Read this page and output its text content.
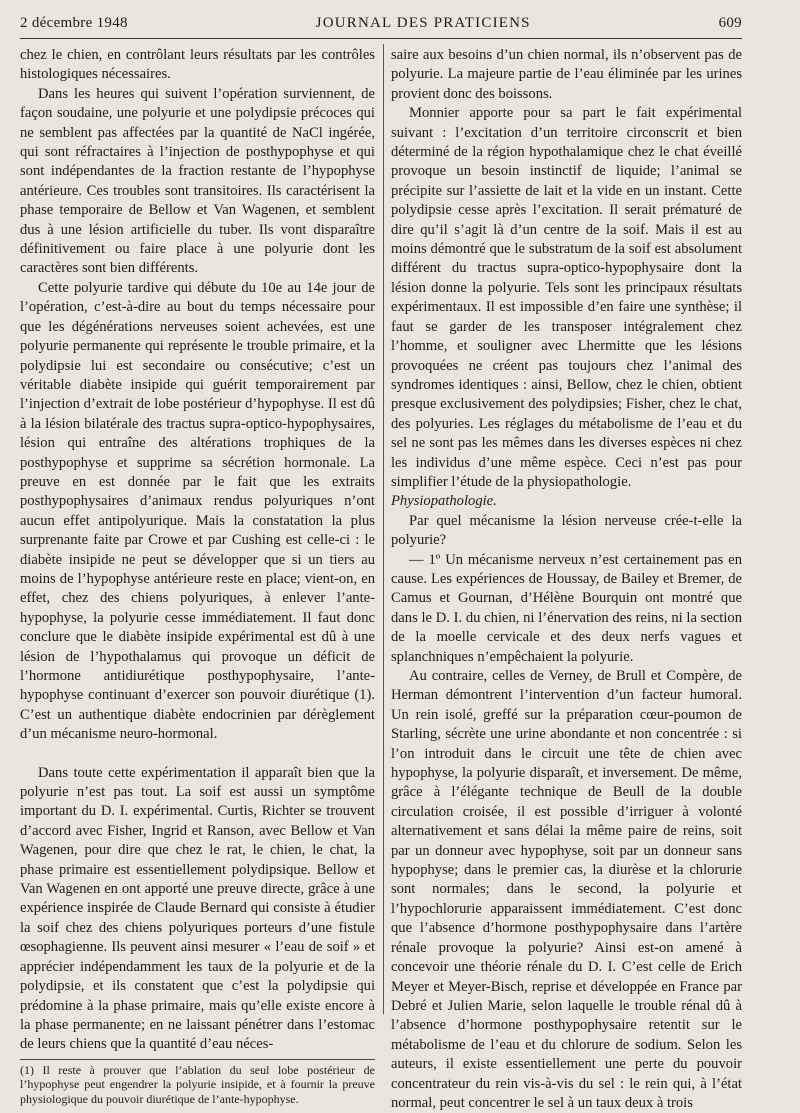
2 décembre 1948	JOURNAL DES PRATICIENS	609

chez le chien, en contrôlant leurs résultats par les contrôles histologiques nécessaires.

Dans les heures qui suivent l’opération surviennent, de façon soudaine, une polyurie et une polydipsie précoces qui ne semblent pas affectées par la quantité de NaCl ingérée, qui sont réfractaires à l’injection de posthypophyse et qui sont indépendantes de la fraction restante de l’hypophyse antérieure. Ces troubles sont transitoires. Ils caractérisent la phase temporaire de Bellow et Van Wagenen, et semblent dus à une lésion artificielle du tuber. Ils vont disparaître définitivement ou faire place à une polyurie dont les caractères sont bien différents.

Cette polyurie tardive qui débute du 10e au 14e jour de l’opération, c’est-à-dire au bout du temps nécessaire pour que les dégénérations nerveuses soient achevées, est une polyurie permanente qui représente le trouble primaire, et la polydipsie lui est secondaire ou consécutive; c’est un véritable diabète insipide qui guérit temporairement par l’injection d’extrait de lobe postérieur d’hypophyse. Il est dû à la lésion bilatérale des tractus supra-optico-hypophysaires, lésion qui entraîne des altérations trophiques de la posthypophyse et supprime sa sécrétion hormonale. La preuve en est donnée par le fait que les extraits posthypophysaires d’animaux rendus polyuriques n’ont aucun effet antipolyurique. Mais la constatation la plus surprenante faite par Crowe et par Cushing est celle-ci : le diabète insipide ne peut se développer que si un tiers au moins de l’hypophyse antérieure reste en place; vient-on, en effet, chez des chiens polyuriques, à enlever l’ante-hypophyse, la polyurie cesse immédiatement. Il faut donc conclure que le diabète insipide expérimental est dû à une lésion de l’hypothalamus qui provoque un déficit de l’hormone antidiurétique posthypophysaire, l’ante-hypophyse continuant d’exercer son pouvoir diurétique (1). C’est un authentique diabète endocrinien par dérèglement d’un mécanisme neuro-hormonal.

Dans toute cette expérimentation il apparaît bien que la polyurie n’est pas tout. La soif est aussi un symptôme important du D. I. expérimental. Curtis, Richter se trouvent d’accord avec Fisher, Ingrid et Ranson, avec Bellow et Van Wagenen, pour dire que chez le rat, le chien, le chat, la phase primaire est essentiellement polydipsique. Bellow et Van Wagenen en ont apporté une preuve directe, grâce à une expérience inspirée de Claude Bernard qui consiste à étudier la soif chez des chiens polyuriques porteurs d’une fistule œsophagienne. Ils peuvent ainsi mesurer « l’eau de soif » et apprécier indépendamment les taux de la polyurie et de la polydipsie, et ils constatent que c’est la polydipsie qui prédomine à la phase primaire, mais qu’elle existe encore à la phase permanente; en ne laissant pénétrer dans l’estomac de leurs chiens que la quantité d’eau néces-

(1) Il reste à prouver que l’ablation du seul lobe postérieur de l’hypophyse peut engendrer la polyurie insipide, et à fournir la preuve physiologique du pouvoir diurétique de l’ante-hypophyse.

saire aux besoins d’un chien normal, ils n’observent pas de polyurie. La majeure partie de l’eau éliminée par les urines provient donc des boissons.

Monnier apporte pour sa part le fait expérimental suivant : l’excitation d’un territoire circonscrit et bien déterminé de la région hypothalamique chez le chat éveillé provoque un besoin instinctif de liquide; l’animal se précipite sur l’assiette de lait et la vide en un instant. Cette polydipsie cesse après l’excitation. Il serait prématuré de dire qu’il s’agit là d’un centre de la soif. Mais il est au moins démontré que le substratum de la soif est absolument différent du tractus supra-optico-hypophysaire dont la lésion donne la polyurie. Tels sont les principaux résultats expérimentaux. Il est impossible d’en faire une synthèse; il faut se garder de les transposer intégralement chez l’homme, et souligner avec Lhermitte que les lésions provoquées ne créent pas toujours chez l’animal des syndromes identiques : ainsi, Bellow, chez le chien, obtient presque exclusivement des polydipsies; Fisher, chez le chat, des polyuries. Les réglages du métabolisme de l’eau et du sel ne sont pas les mêmes dans les diverses espèces ni chez les individus d’une même espèce. Ceci n’est pas pour simplifier l’étude de la physiopathologie.

Physiopathologie.

Par quel mécanisme la lésion nerveuse crée-t-elle la polyurie?

— 1º Un mécanisme nerveux n’est certainement pas en cause. Les expériences de Houssay, de Bailey et Bremer, de Camus et Gournan, d’Hélène Bourquin ont montré que dans le D. I. du chien, ni l’énervation des reins, ni la section de la moelle cervicale et des deux nerfs vagues et splanchniques n’empêchaient la polyurie.

Au contraire, celles de Verney, de Brull et Compère, de Herman démontrent l’intervention d’un facteur humoral. Un rein isolé, greffé sur la préparation cœur-poumon de Starling, sécrète une urine abondante et non concentrée : si l’on introduit dans le circuit une tête de chien avec hypophyse, la polyurie disparaît, et inversement. De même, grâce à l’élégante technique de Beull de la double circulation croisée, il est possible d’irriguer à volonté alternativement et sans délai la même paire de reins, soit par un donneur avec hypophyse, soit par un donneur sans hypophyse; dans le premier cas, la diurèse et la chlorurie sont normales; dans le second, la polyurie et l’hypochlorurie apparaissent immédiatement. C’est donc que l’absence d’hormone posthypophysaire dans l’artère rénale provoque la polyurie? Ainsi est-on amené à concevoir une théorie rénale du D. I. C’est celle de Erich Meyer et Meyer-Bisch, reprise et développée en France par Debré et Julien Marie, selon laquelle le trouble rénal dû à l’absence d’hormone posthypophysaire retentit sur le métabolisme de l’eau et du chlorure de sodium. Selon les auteurs, il existe essentiellement une perte du pouvoir concentrateur du rein vis-à-vis du sel : le rein qui, à l’état normal, peut concentrer le sel à un taux deux à trois
